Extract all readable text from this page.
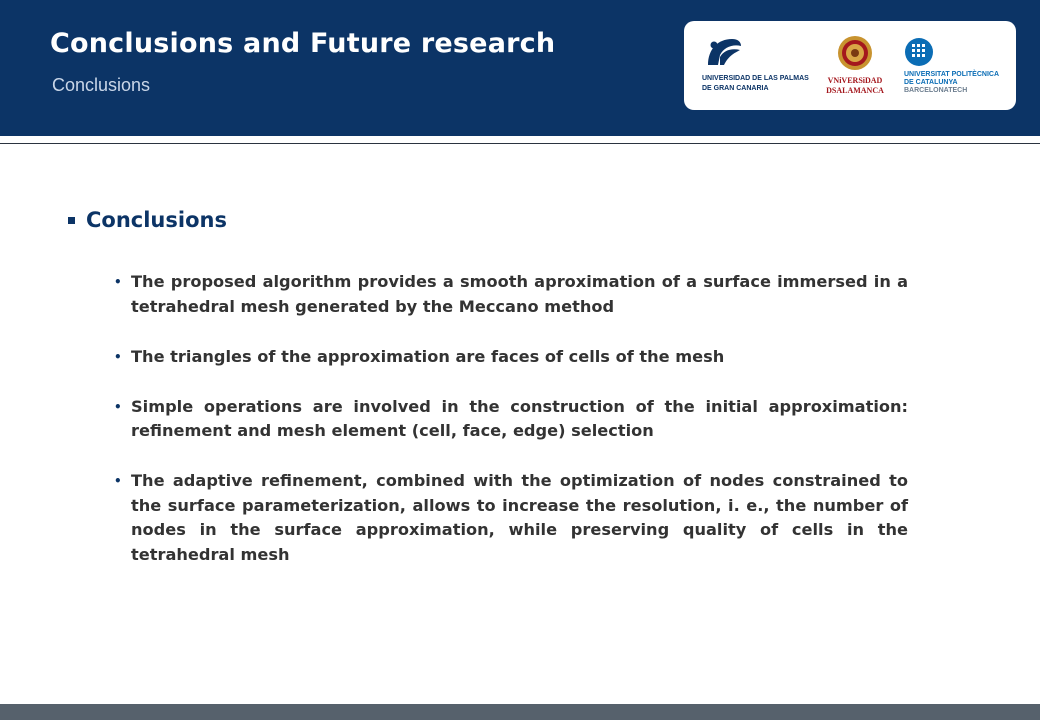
Conclusions and Future research
Conclusions	UNIVERSIDAD DE LAS PALMAS
DE GRAN CANARIA
VNiVERSiDAD
DSALAMANCA
UNIVERSITAT POLITÈCNICA
DE CATALUNYA
BARCELONATECH
Conclusions
• The proposed algorithm provides a smooth aproximation of a surface immersed in a tetrahedral mesh generated by the Meccano method
• The triangles of the approximation are faces of cells of the mesh
• Simple operations are involved in the construction of the initial approximation: refinement and mesh element (cell, face, edge) selection
• The adaptive refinement, combined with the optimization of nodes constrained to the surface parameterization, allows to increase the resolution, i. e., the number of nodes in the surface approximation, while preserving quality of cells in the tetrahedral mesh
